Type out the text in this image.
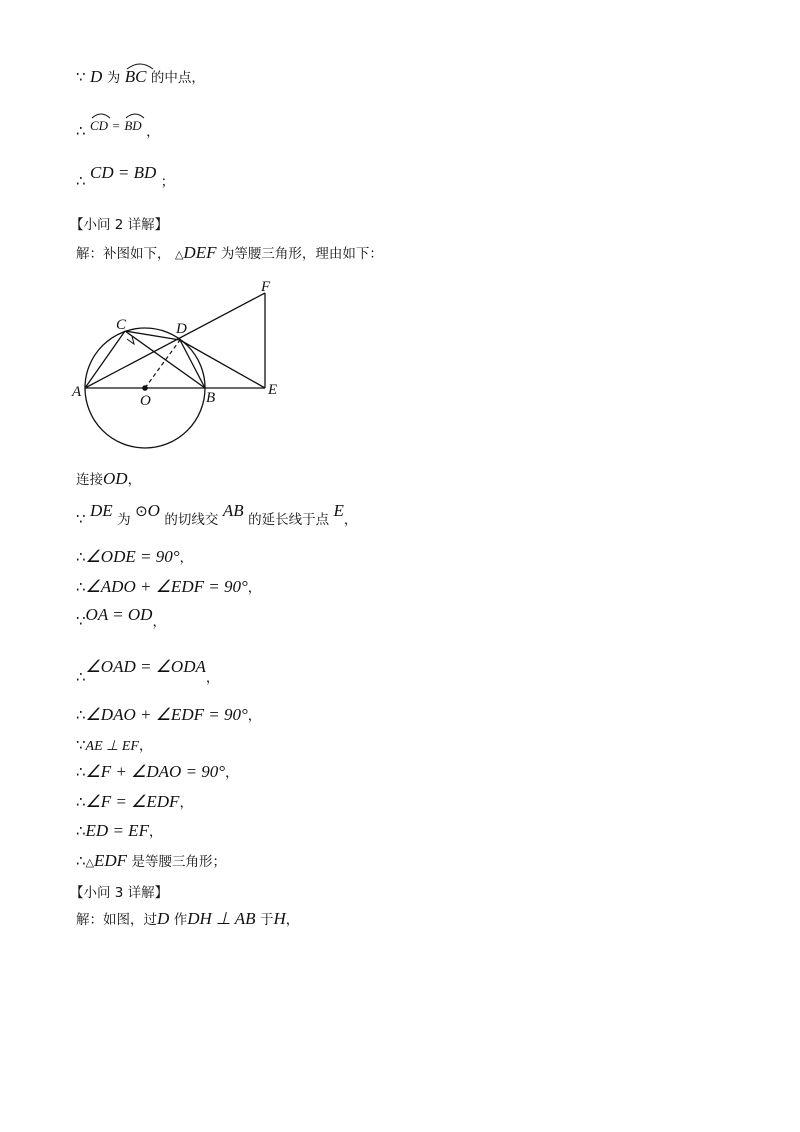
∵ D 为 BC 的中点，
∴ CD = BD ，
∴ CD = BD ；
【小问 2 详解】
解：补图如下， △DEF 为等腰三角形，理由如下：
C	D
A
O	B	E
F
连接OD，
∵ DE 为 ⊙O 的切线交 AB 的延长线于点 E，
∴∠ODE = 90°，
∴∠ADO + ∠EDF = 90°，
∵OA = OD，
∴∠OAD = ∠ODA，
∴∠DAO + ∠EDF = 90°，
∵AE ⊥ EF，
∴∠F + ∠DAO = 90°，
∴∠F = ∠EDF，
∴ED = EF，
∴△EDF 是等腰三角形；
【小问 3 详解】
解：如图，过D 作DH ⊥ AB 于H，
